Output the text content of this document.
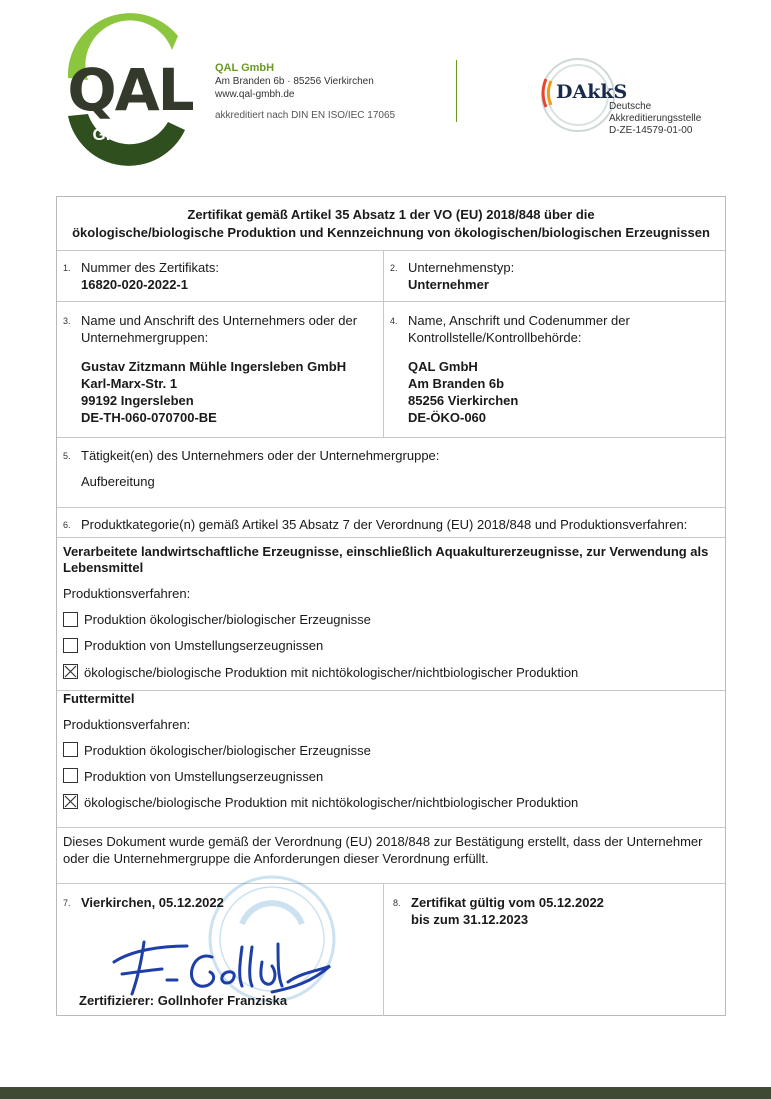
QAL
GmbH
QAL GmbH
Am Branden 6b · 85256 Vierkirchen
www.qal-gmbh.de
akkreditiert nach DIN EN ISO/IEC 17065
DAkkS
Deutsche
Akkreditierungsstelle
D-ZE-14579-01-00
Zertifikat gemäß Artikel 35 Absatz 1 der VO (EU) 2018/848 über die
ökologische/biologische Produktion und Kennzeichnung von ökologischen/biologischen Erzeugnissen
1. Nummer des Zertifikats:
16820-020-2022-1
2. Unternehmenstyp:
Unternehmer
3. Name und Anschrift des Unternehmers oder der
Unternehmergruppen:
Gustav Zitzmann Mühle Ingersleben GmbH
Karl-Marx-Str. 1
99192 Ingersleben
DE-TH-060-070700-BE
4. Name, Anschrift und Codenummer der
Kontrollstelle/Kontrollbehörde:
QAL GmbH
Am Branden 6b
85256 Vierkirchen
DE-ÖKO-060
5. Tätigkeit(en) des Unternehmers oder der Unternehmergruppe:
Aufbereitung
6. Produktkategorie(n) gemäß Artikel 35 Absatz 7 der Verordnung (EU) 2018/848 und Produktionsverfahren:
Verarbeitete landwirtschaftliche Erzeugnisse, einschließlich Aquakulturerzeugnisse, zur Verwendung als
Lebensmittel
Produktionsverfahren:
Produktion ökologischer/biologischer Erzeugnisse
Produktion von Umstellungserzeugnissen
ökologische/biologische Produktion mit nichtökologischer/nichtbiologischer Produktion
Futtermittel
Produktionsverfahren:
Produktion ökologischer/biologischer Erzeugnisse
Produktion von Umstellungserzeugnissen
ökologische/biologische Produktion mit nichtökologischer/nichtbiologischer Produktion
Dieses Dokument wurde gemäß der Verordnung (EU) 2018/848 zur Bestätigung erstellt, dass der Unternehmer
oder die Unternehmergruppe die Anforderungen dieser Verordnung erfüllt.
7. Vierkirchen, 05.12.2022
Zertifizierer: Gollnhofer Franziska
8. Zertifikat gültig vom 05.12.2022
bis zum 31.12.2023
